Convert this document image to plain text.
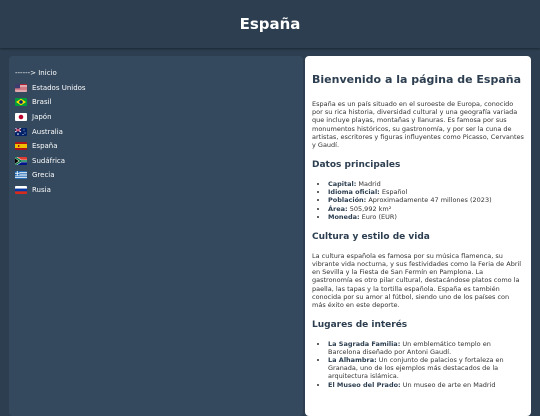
España
------> Inicio
Estados Unidos
Brasil
Japón
Australia
España
Sudáfrica
Grecia
Rusia
Bienvenido a la página de España

España es un país situado en el suroeste de Europa, conocido por su rica historia, diversidad cultural y una geografía variada que incluye playas, montañas y llanuras. Es famosa por sus monumentos históricos, su gastronomía, y por ser la cuna de artistas, escritores y figuras influyentes como Picasso, Cervantes y Gaudí.

Datos principales
• Capital: Madrid
• Idioma oficial: Español
• Población: Aproximadamente 47 millones (2023)
• Área: 505,992 km²
• Moneda: Euro (EUR)
Cultura y estilo de vida

La cultura española es famosa por su música flamenca, su vibrante vida nocturna, y sus festividades como la Feria de Abril en Sevilla y la Fiesta de San Fermín en Pamplona. La gastronomía es otro pilar cultural, destacándose platos como la paella, las tapas y la tortilla española. España es también conocida por su amor al fútbol, siendo uno de los países con más éxito en este deporte.

Lugares de interés
• La Sagrada Familia: Un emblemático templo en Barcelona diseñado por Antoni Gaudí.
• La Alhambra: Un conjunto de palacios y fortaleza en Granada, uno de los ejemplos más destacados de la arquitectura islámica.
• El Museo del Prado: Un museo de arte en Madrid
